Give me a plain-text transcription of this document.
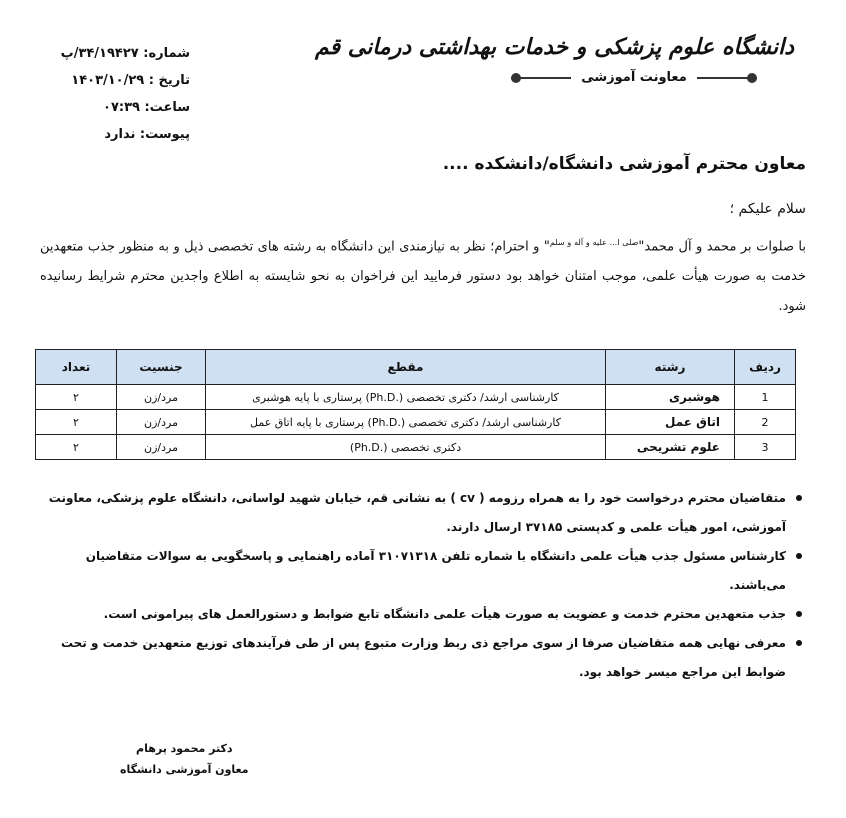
شماره: ۳۴/۱۹۴۲۷/پ
تاریخ : ۱۴۰۳/۱۰/۲۹
ساعت: ۰۷:۳۹
پیوست: ندارد
دانشگاه علوم پزشکی و خدمات بهداشتی درمانی قم
معاونت آموزشی
معاون محترم آموزشی دانشگاه/دانشکده ....
سلام علیکم ؛
با صلوات بر محمد و آل محمد"$^{صلی ا... علیه و آله و سلم}$" و احترام؛ نظر به نیازمندی این دانشگاه به رشته های تخصصی ذیل و به منظور جذب متعهدین خدمت به صورت هیأت علمی، موجب امتنان خواهد بود دستور فرمایید این فراخوان به نحو شایسته به اطلاع واجدین محترم شرایط رسانیده شود.
ردیف	رشته	مقطع	جنسیت	تعداد
1	هوشبری	کارشناسی ارشد/ دکتری تخصصی (.Ph.D) پرستاری با پایه هوشبری	مرد/زن	۲
2	اتاق عمل	کارشناسی ارشد/ دکتری تخصصی (.Ph.D) پرستاری با پایه اتاق عمل	مرد/زن	۲
3	علوم تشریحی	دکتری تخصصی (.Ph.D)	مرد/زن	۲
متقاضیان محترم درخواست خود را به همراه رزومه ( cv ) به نشانی قم، خیابان شهید لواسانی، دانشگاه علوم پزشکی، معاونت آموزشی، امور هیأت علمی و کدپستی ۳۷۱۸۵ ارسال دارند.
کارشناس مسئول جذب هیأت علمی دانشگاه با شماره تلفن ۳۱۰۷۱۳۱۸ آماده راهنمایی و پاسخگویی به سوالات متقاضیان می‌باشند.
جذب متعهدین محترم خدمت و عضویت به صورت هیأت علمی دانشگاه تابع ضوابط و دستورالعمل های پیرامونی است.
معرفی نهایی همه متقاضیان صرفا از سوی مراجع ذی ربط وزارت متبوع پس از طی فرآیندهای توزیع متعهدین خدمت و تحت ضوابط این مراجع میسر خواهد بود.
دکتر محمود پرهام
معاون آموزشی دانشگاه
